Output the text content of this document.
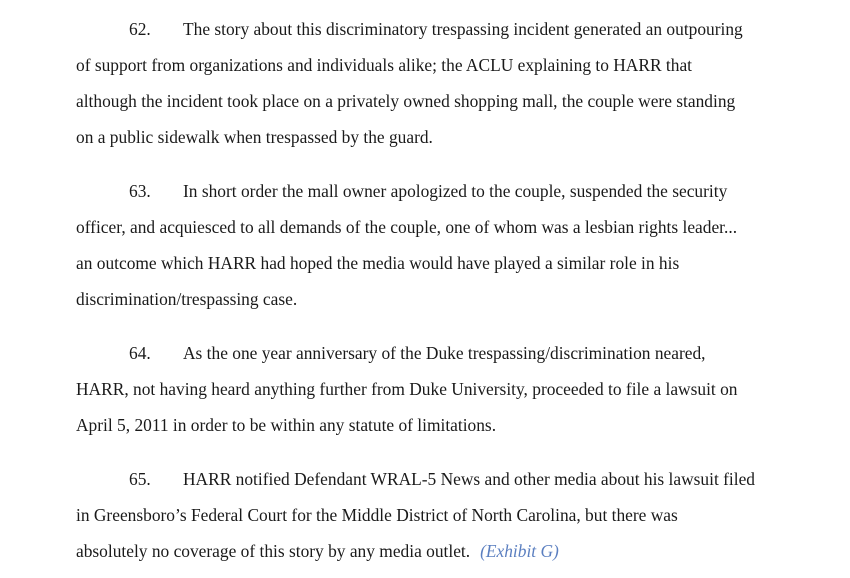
62. The story about this discriminatory trespassing incident generated an outpouring
of support from organizations and individuals alike; the ACLU explaining to HARR that
although the incident took place on a privately owned shopping mall, the couple were standing
on a public sidewalk when trespassed by the guard.
63. In short order the mall owner apologized to the couple, suspended the security
officer, and acquiesced to all demands of the couple, one of whom was a lesbian rights leader...
an outcome which HARR had hoped the media would have played a similar role in his
discrimination/trespassing case.
64. As the one year anniversary of the Duke trespassing/discrimination neared,
HARR, not having heard anything further from Duke University, proceeded to file a lawsuit on
April 5, 2011 in order to be within any statute of limitations.
65. HARR notified Defendant WRAL-5 News and other media about his lawsuit filed
in Greensboro’s Federal Court for the Middle District of North Carolina, but there was
absolutely no coverage of this story by any media outlet. (Exhibit G)
